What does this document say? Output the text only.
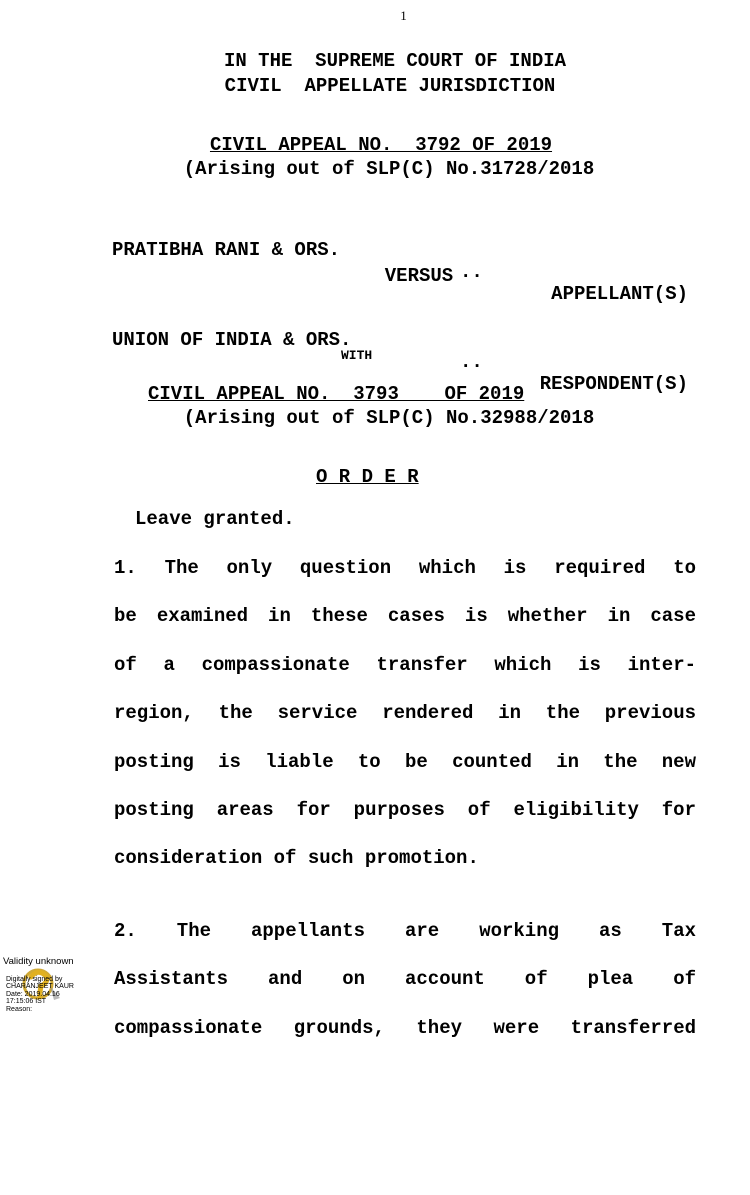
1
IN THE  SUPREME COURT OF INDIA
CIVIL  APPELLATE JURISDICTION
CIVIL APPEAL NO.  3792 OF 2019
(Arising out of SLP(C) No.31728/2018

PRATIBHA RANI & ORS.

..

APPELLANT(S)

VERSUS

UNION OF INDIA & ORS.

..

RESPONDENT(S)

WITH
CIVIL APPEAL NO.  3793    OF 2019
(Arising out of SLP(C) No.32988/2018
O R D E R
Leave granted.
1. The only question which is required to
be examined in these cases is whether in case
of a compassionate transfer which is inter-
region, the service rendered in the previous
posting is liable to be counted in the new
posting areas for purposes of eligibility for
consideration of such promotion.
2. The appellants are working as Tax
Assistants and on account of plea of
compassionate grounds, they were transferred
Validity unknown
Digitally signed by
CHARANJEET KAUR
Date: 2019.04.16
17:15:06 IST
Reason:
